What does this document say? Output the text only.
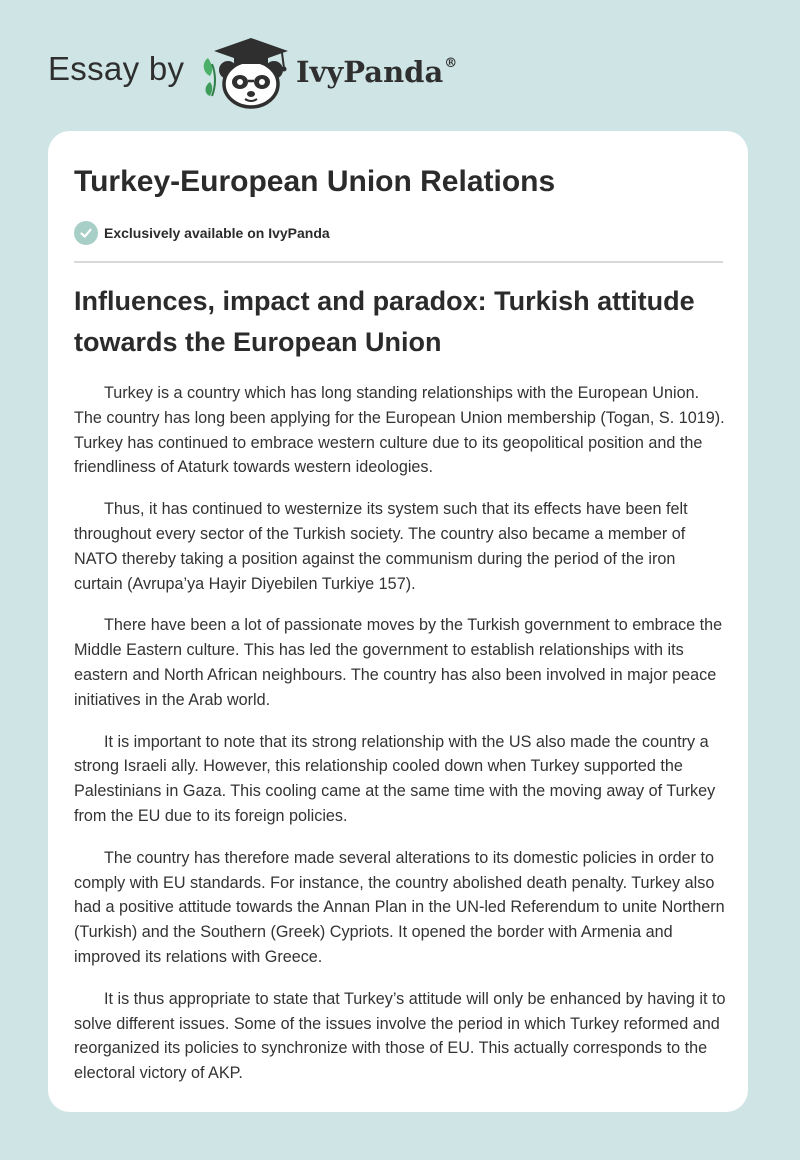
Essay by	IvyPanda®
Turkey-European Union Relations
Exclusively available on IvyPanda
Influences, impact and paradox: Turkish attitude towards the European Union

Turkey is a country which has long standing relationships with the European Union. The country has long been applying for the European Union membership (Togan, S. 1019). Turkey has continued to embrace western culture due to its geopolitical position and the friendliness of Ataturk towards western ideologies.

Thus, it has continued to westernize its system such that its effects have been felt throughout every sector of the Turkish society. The country also became a member of NATO thereby taking a position against the communism during the period of the iron curtain (Avrupa’ya Hayir Diyebilen Turkiye 157).

There have been a lot of passionate moves by the Turkish government to embrace the Middle Eastern culture. This has led the government to establish relationships with its eastern and North African neighbours. The country has also been involved in major peace initiatives in the Arab world.

It is important to note that its strong relationship with the US also made the country a strong Israeli ally. However, this relationship cooled down when Turkey supported the Palestinians in Gaza. This cooling came at the same time with the moving away of Turkey from the EU due to its foreign policies.

The country has therefore made several alterations to its domestic policies in order to comply with EU standards. For instance, the country abolished death penalty. Turkey also had a positive attitude towards the Annan Plan in the UN-led Referendum to unite Northern (Turkish) and the Southern (Greek) Cypriots. It opened the border with Armenia and improved its relations with Greece.

It is thus appropriate to state that Turkey’s attitude will only be enhanced by having it to solve different issues. Some of the issues involve the period in which Turkey reformed and reorganized its policies to synchronize with those of EU. This actually corresponds to the electoral victory of AKP.
